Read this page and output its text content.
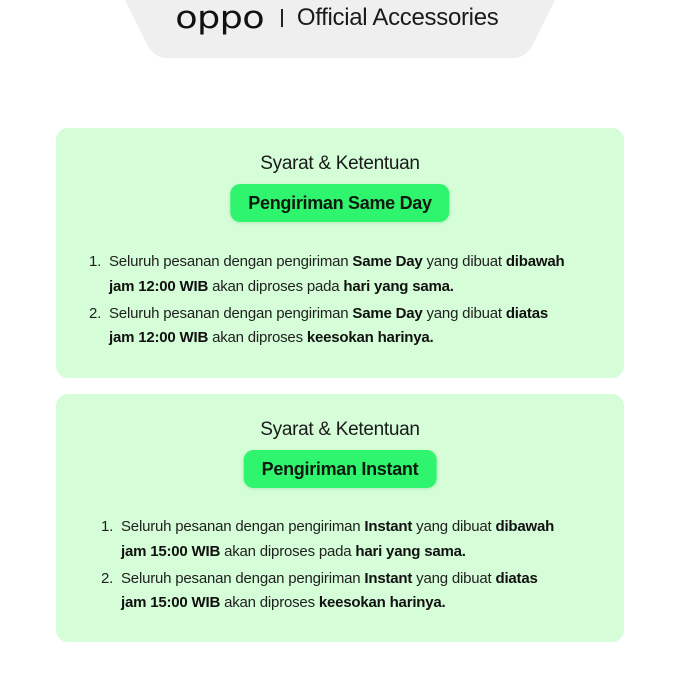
oppo Official Accessories
Syarat & Ketentuan
Pengiriman Same Day
1. Seluruh pesanan dengan pengiriman Same Day yang dibuat dibawah
jam 12:00 WIB akan diproses pada hari yang sama.
2. Seluruh pesanan dengan pengiriman Same Day yang dibuat diatas
jam 12:00 WIB akan diproses keesokan harinya.
Syarat & Ketentuan
Pengiriman Instant
1. Seluruh pesanan dengan pengiriman Instant yang dibuat dibawah
jam 15:00 WIB akan diproses pada hari yang sama.
2. Seluruh pesanan dengan pengiriman Instant yang dibuat diatas
jam 15:00 WIB akan diproses keesokan harinya.
